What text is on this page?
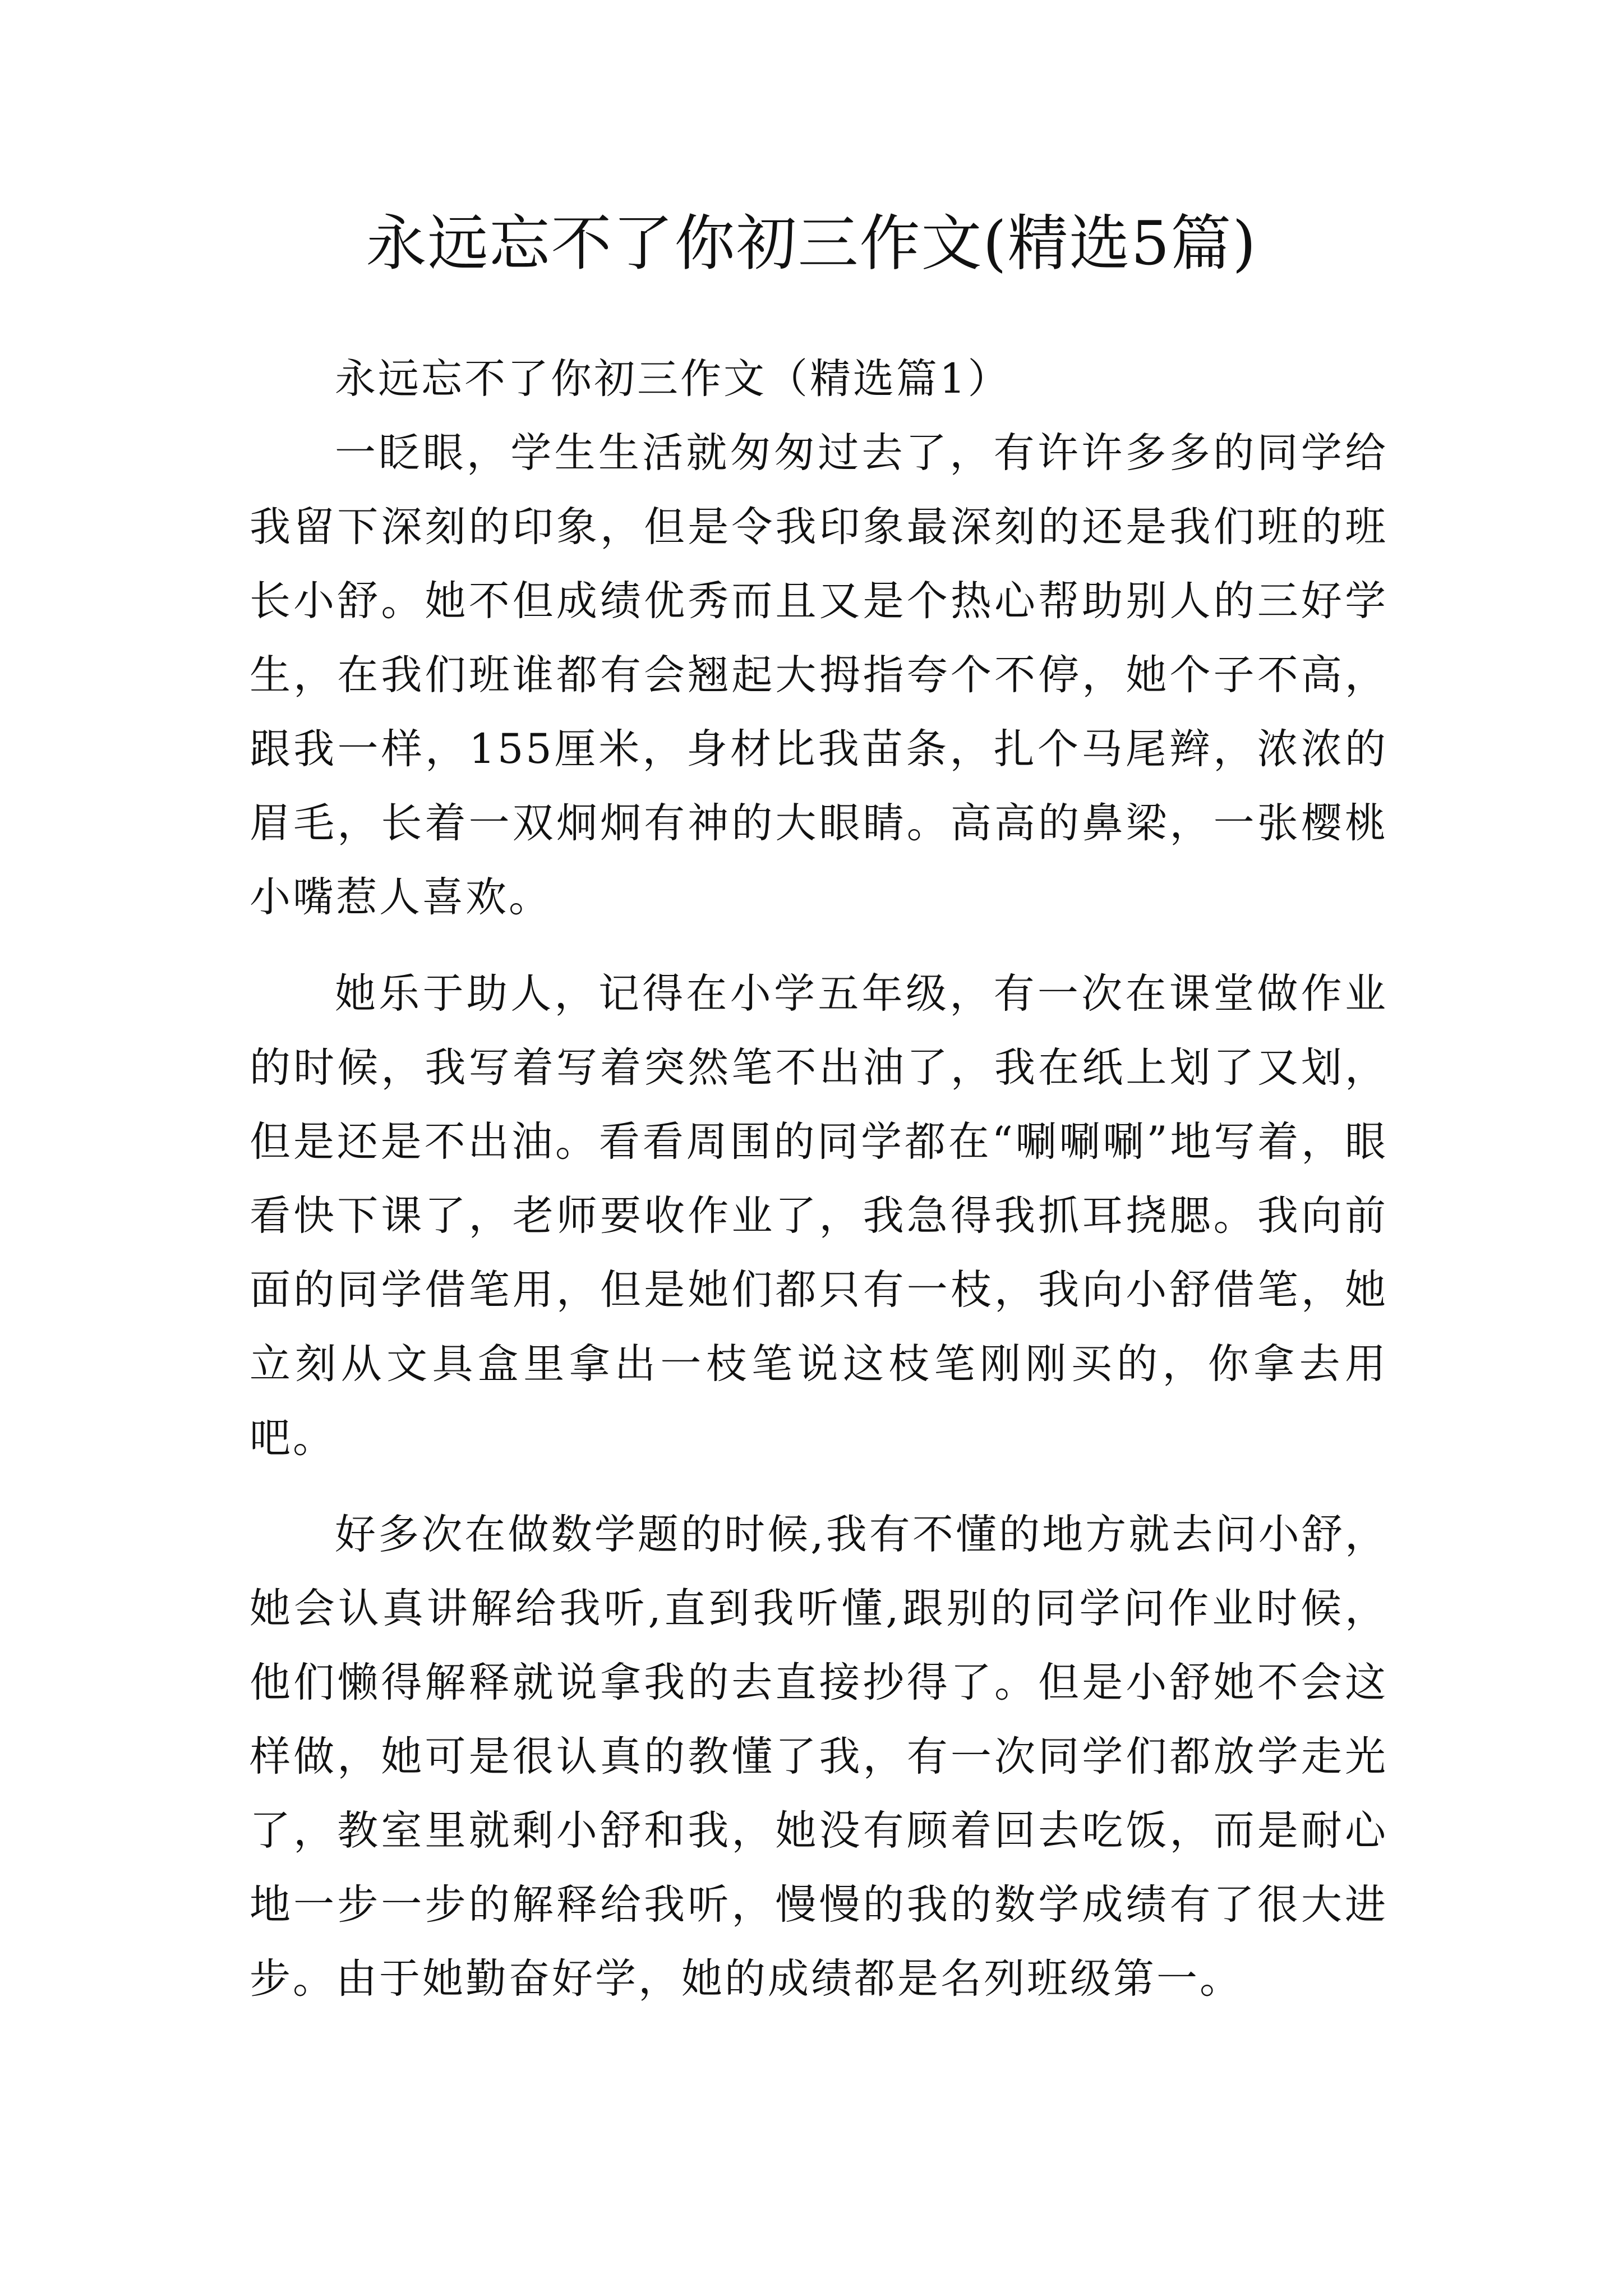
永远忘不了你初三作文(精选5篇)

永远忘不了你初三作文（精选篇1）

一眨眼，学生生活就匆匆过去了，有许许多多的同学给我留下深刻的印象，但是令我印象最深刻的还是我们班的班长小舒。她不但成绩优秀而且又是个热心帮助别人的三好学生，在我们班谁都有会翘起大拇指夸个不停，她个子不高，跟我一样，155厘米，身材比我苗条，扎个马尾辫，浓浓的眉毛，长着一双炯炯有神的大眼睛。高高的鼻梁，一张樱桃小嘴惹人喜欢。

她乐于助人，记得在小学五年级，有一次在课堂做作业的时候，我写着写着突然笔不出油了，我在纸上划了又划，但是还是不出油。看看周围的同学都在“唰唰唰”地写着，眼看快下课了，老师要收作业了，我急得我抓耳挠腮。我向前面的同学借笔用，但是她们都只有一枝，我向小舒借笔，她立刻从文具盒里拿出一枝笔说这枝笔刚刚买的，你拿去用吧。

好多次在做数学题的时候,我有不懂的地方就去问小舒，她会认真讲解给我听,直到我听懂,跟别的同学问作业时候，他们懒得解释就说拿我的去直接抄得了。但是小舒她不会这样做，她可是很认真的教懂了我，有一次同学们都放学走光了，教室里就剩小舒和我，她没有顾着回去吃饭，而是耐心地一步一步的解释给我听，慢慢的我的数学成绩有了很大进步。由于她勤奋好学，她的成绩都是名列班级第一。
